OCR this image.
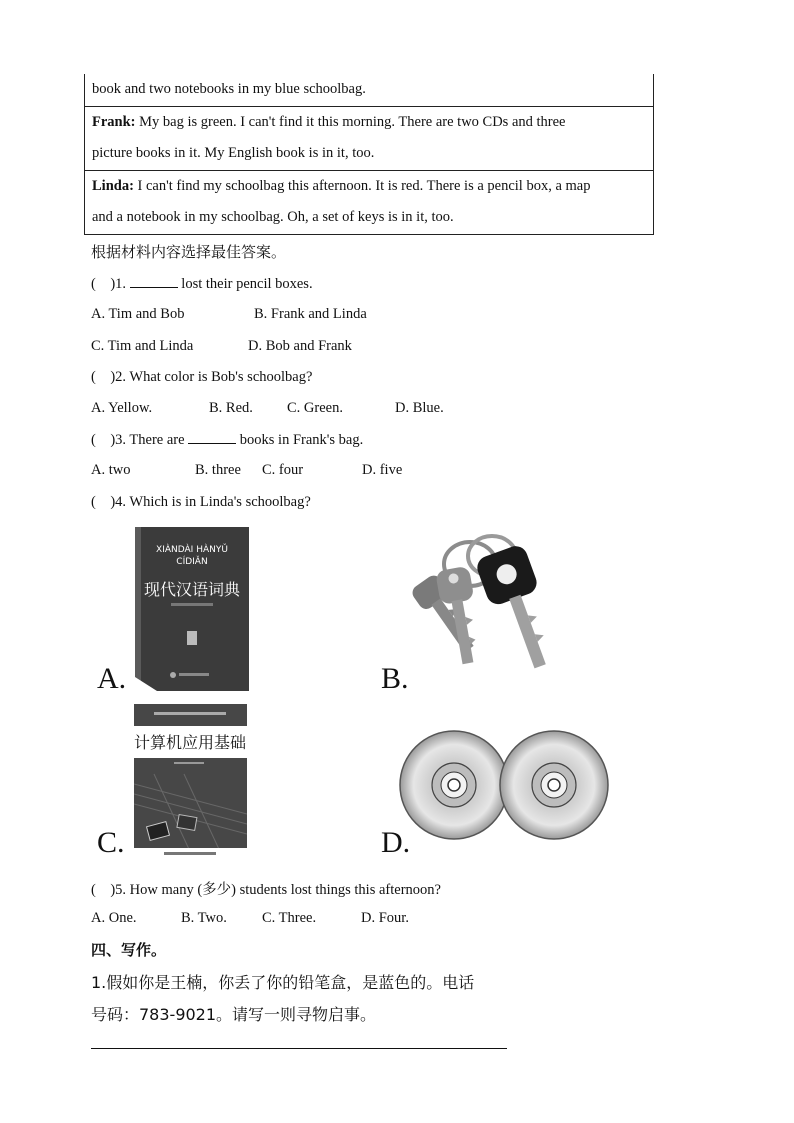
book and two notebooks in my blue schoolbag.
Frank: My bag is green. I can't find it this morning. There are two CDs and three
picture books in it. My English book is in it, too.
Linda: I can't find my schoolbag this afternoon. It is red. There is a pencil box, a map
and a notebook in my schoolbag. Oh, a set of keys is in it, too.
根据材料内容选择最佳答案。
(    )1.	lost their pencil boxes.
A. Tim and Bob	B. Frank and Linda
C. Tim and Linda	D. Bob and Frank
(    )2. What color is Bob's schoolbag?
A. Yellow.	B. Red. C. Green.	D. Blue.
(    )3. There are	books in Frank's bag.
A. two	B. three C. four	D. five
(    )4. Which is in Linda's schoolbag?
A.
XIÀNDÀI HÀNYǓ
CÍDIǍN
现代汉语词典
B.
C.
计算机应用基础
D.
(    )5. How many (多少) students lost things this afternoon?
A. One.	B. Two. C. Three.	D. Four.
四、写作。
1.假如你是王楠，你丢了你的铅笔盒，是蓝色的。电话
号码：783-9021。请写一则寻物启事。
